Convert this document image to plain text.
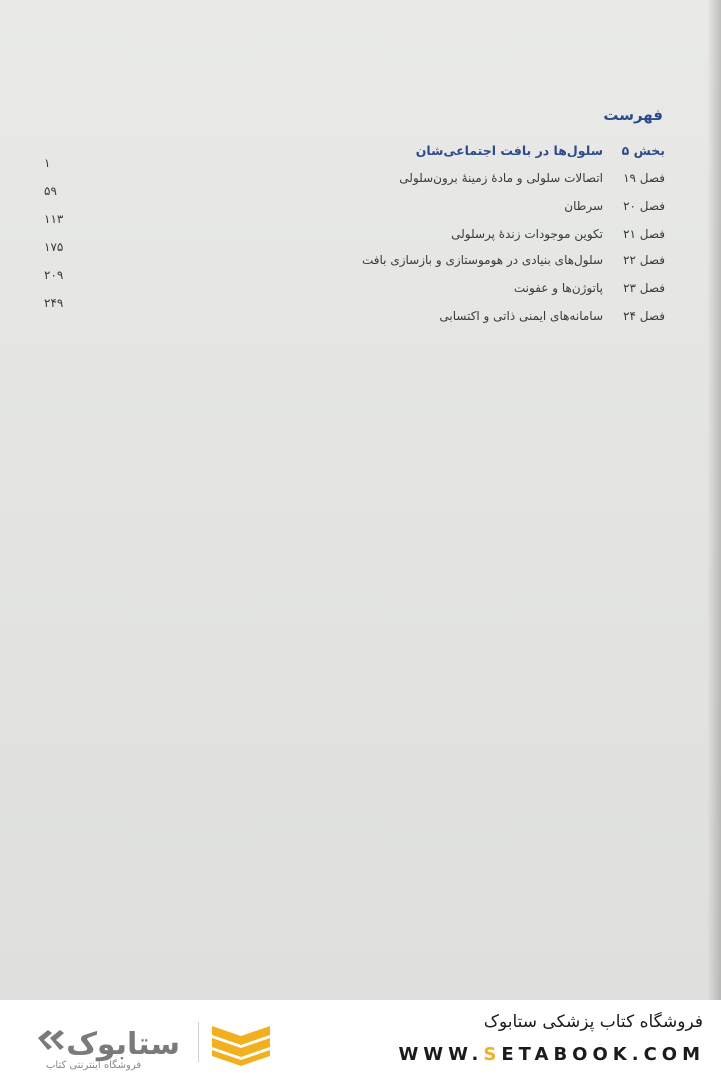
فهرست
بخش ۵
سلول‌ها در بافت اجتماعی‌شان
فصل ۱۹
اتصالات سلولی و مادهٔ زمینهٔ برون‌سلولی
فصل ۲۰
سرطان
فصل ۲۱
تکوین موجودات زندهٔ پرسلولی
فصل ۲۲
سلول‌های بنیادی در هوموستازی و بازسازی بافت
فصل ۲۳
پاتوژن‌ها و عفونت
فصل ۲۴
سامانه‌های ایمنی ذاتی و اکتسابی
۱
۵۹
۱۱۳
۱۷۵
۲۰۹
۲۴۹
ستابوک
فروشگاه اینترنتی کتاب
فروشگاه کتاب پزشکی ستابوک
WWW.SETABOOK.COM
